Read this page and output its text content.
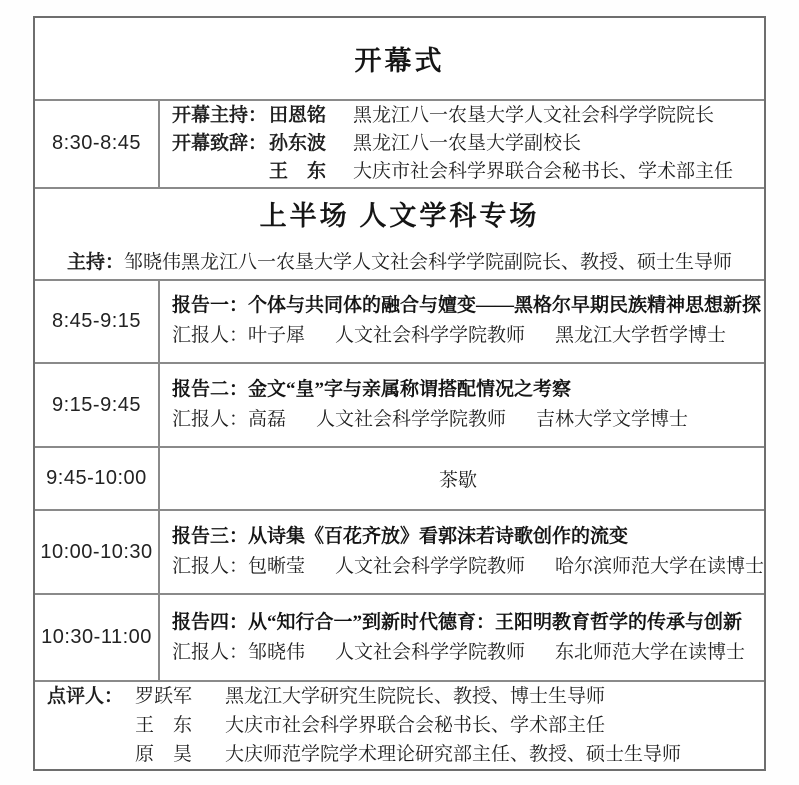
开幕式
8:30-8:45
开幕主持： 田恩铭 黑龙江八一农垦大学人文社会科学学院院长
开幕致辞： 孙东波 黑龙江八一农垦大学副校长
王　东 大庆市社会科学界联合会秘书长、学术部主任
上半场 人文学科专场
主持：邹晓伟黑龙江八一农垦大学人文社会科学学院副院长、教授、硕士生导师
8:45-9:15
报告一：个体与共同体的融合与嬗变——黑格尔早期民族精神思想新探
汇报人：叶子犀 人文社会科学学院教师 黑龙江大学哲学博士
9:15-9:45
报告二：金文“皇”字与亲属称谓搭配情况之考察
汇报人：高磊 人文社会科学学院教师 吉林大学文学博士
9:45-10:00	茶歇
10:00-10:30
报告三：从诗集《百花齐放》看郭沫若诗歌创作的流变
汇报人：包晰莹 人文社会科学学院教师 哈尔滨师范大学在读博士
10:30-11:00
报告四：从“知行合一”到新时代德育：王阳明教育哲学的传承与创新
汇报人：邹晓伟 人文社会科学学院教师 东北师范大学在读博士
点评人： 罗跃军 黑龙江大学研究生院院长、教授、博士生导师
王　东 大庆市社会科学界联合会秘书长、学术部主任
原　昊 大庆师范学院学术理论研究部主任、教授、硕士生导师
